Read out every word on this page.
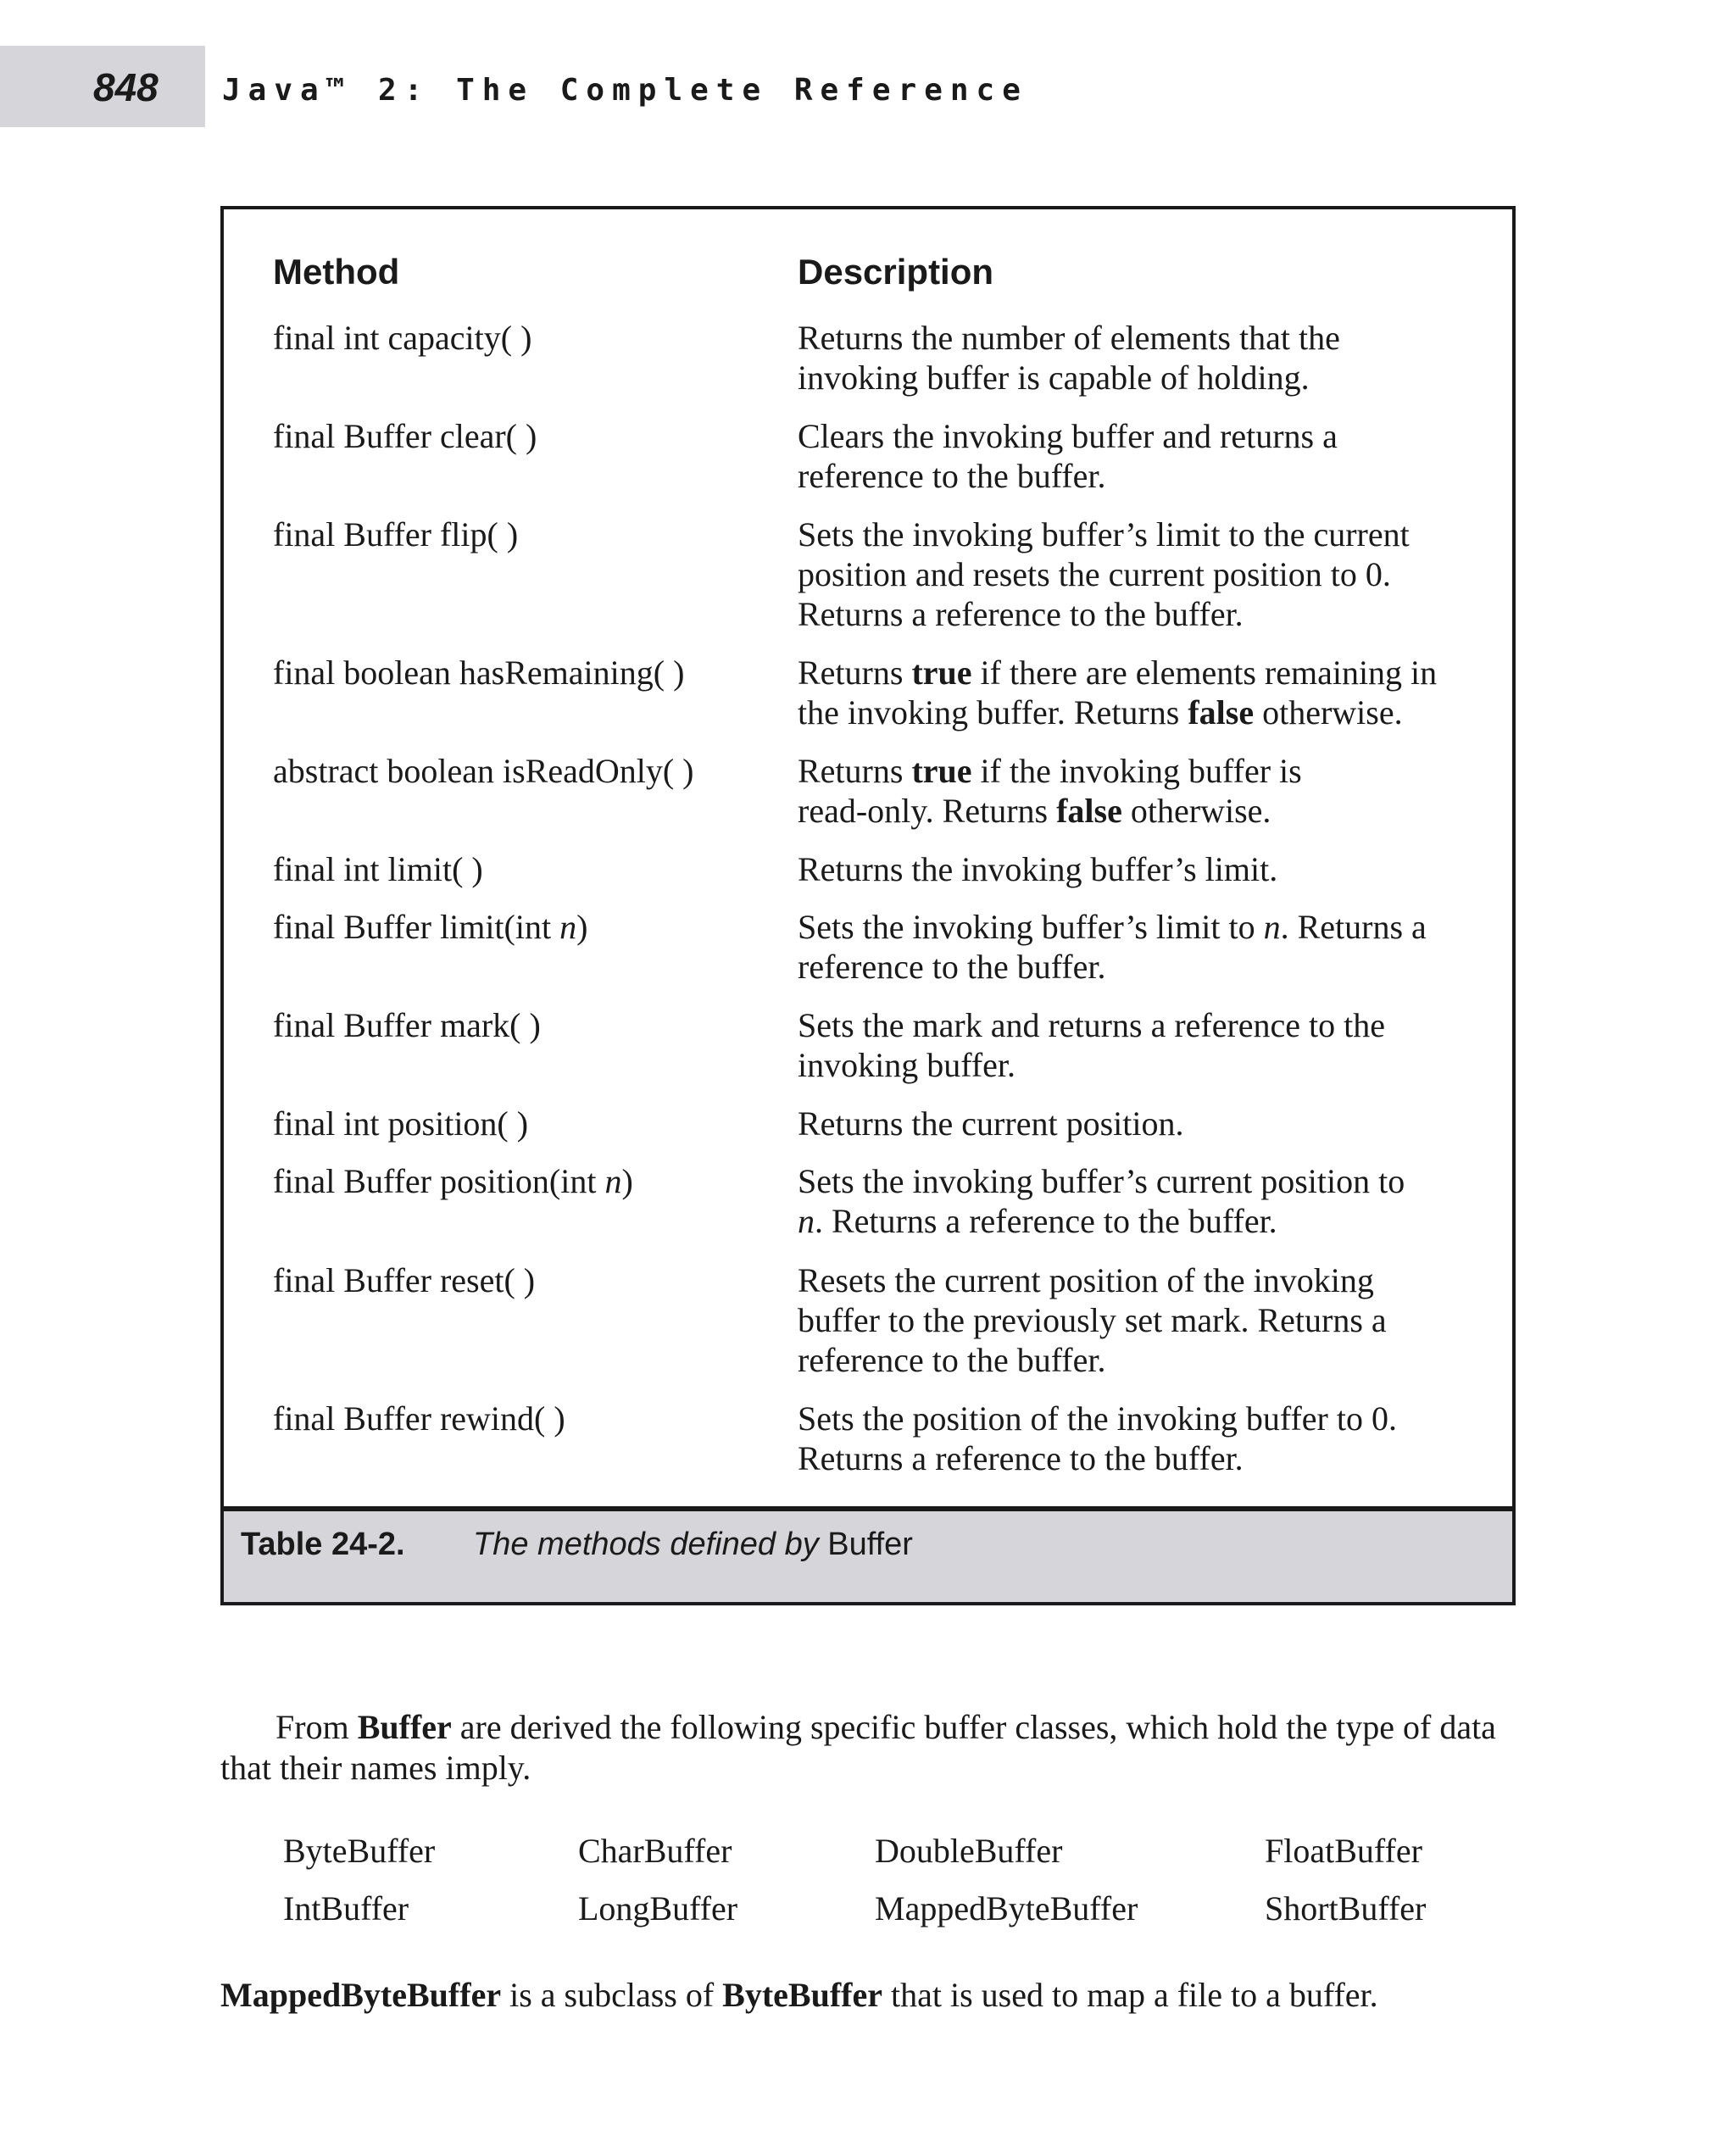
848 Java™ 2: The Complete Reference

Method	Description

final int capacity( )	Returns the number of elements that the
invoking buffer is capable of holding.

final Buffer clear( )	Clears the invoking buffer and returns a
reference to the buffer.

final Buffer flip( )	Sets the invoking buffer’s limit to the current
position and resets the current position to 0.
Returns a reference to the buffer.

final boolean hasRemaining( )	Returns true if there are elements remaining in
the invoking buffer. Returns false otherwise.

abstract boolean isReadOnly( )	Returns true if the invoking buffer is
read-only. Returns false otherwise.

final int limit( )	Returns the invoking buffer’s limit.

final Buffer limit(int n)	Sets the invoking buffer’s limit to n. Returns a
reference to the buffer.

final Buffer mark( )	Sets the mark and returns a reference to the
invoking buffer.

final int position( )	Returns the current position.

final Buffer position(int n)	Sets the invoking buffer’s current position to
n. Returns a reference to the buffer.

final Buffer reset( )	Resets the current position of the invoking
buffer to the previously set mark. Returns a
reference to the buffer.

final Buffer rewind( )	Sets the position of the invoking buffer to 0.
Returns a reference to the buffer.

Table 24-2. The methods defined by Buffer

From Buffer are derived the following specific buffer classes, which hold the type of data that their names imply.

ByteBuffer	CharBuffer	DoubleBuffer	FloatBuffer

IntBuffer	LongBuffer	MappedByteBuffer	ShortBuffer

MappedByteBuffer is a subclass of ByteBuffer that is used to map a file to a buffer.
